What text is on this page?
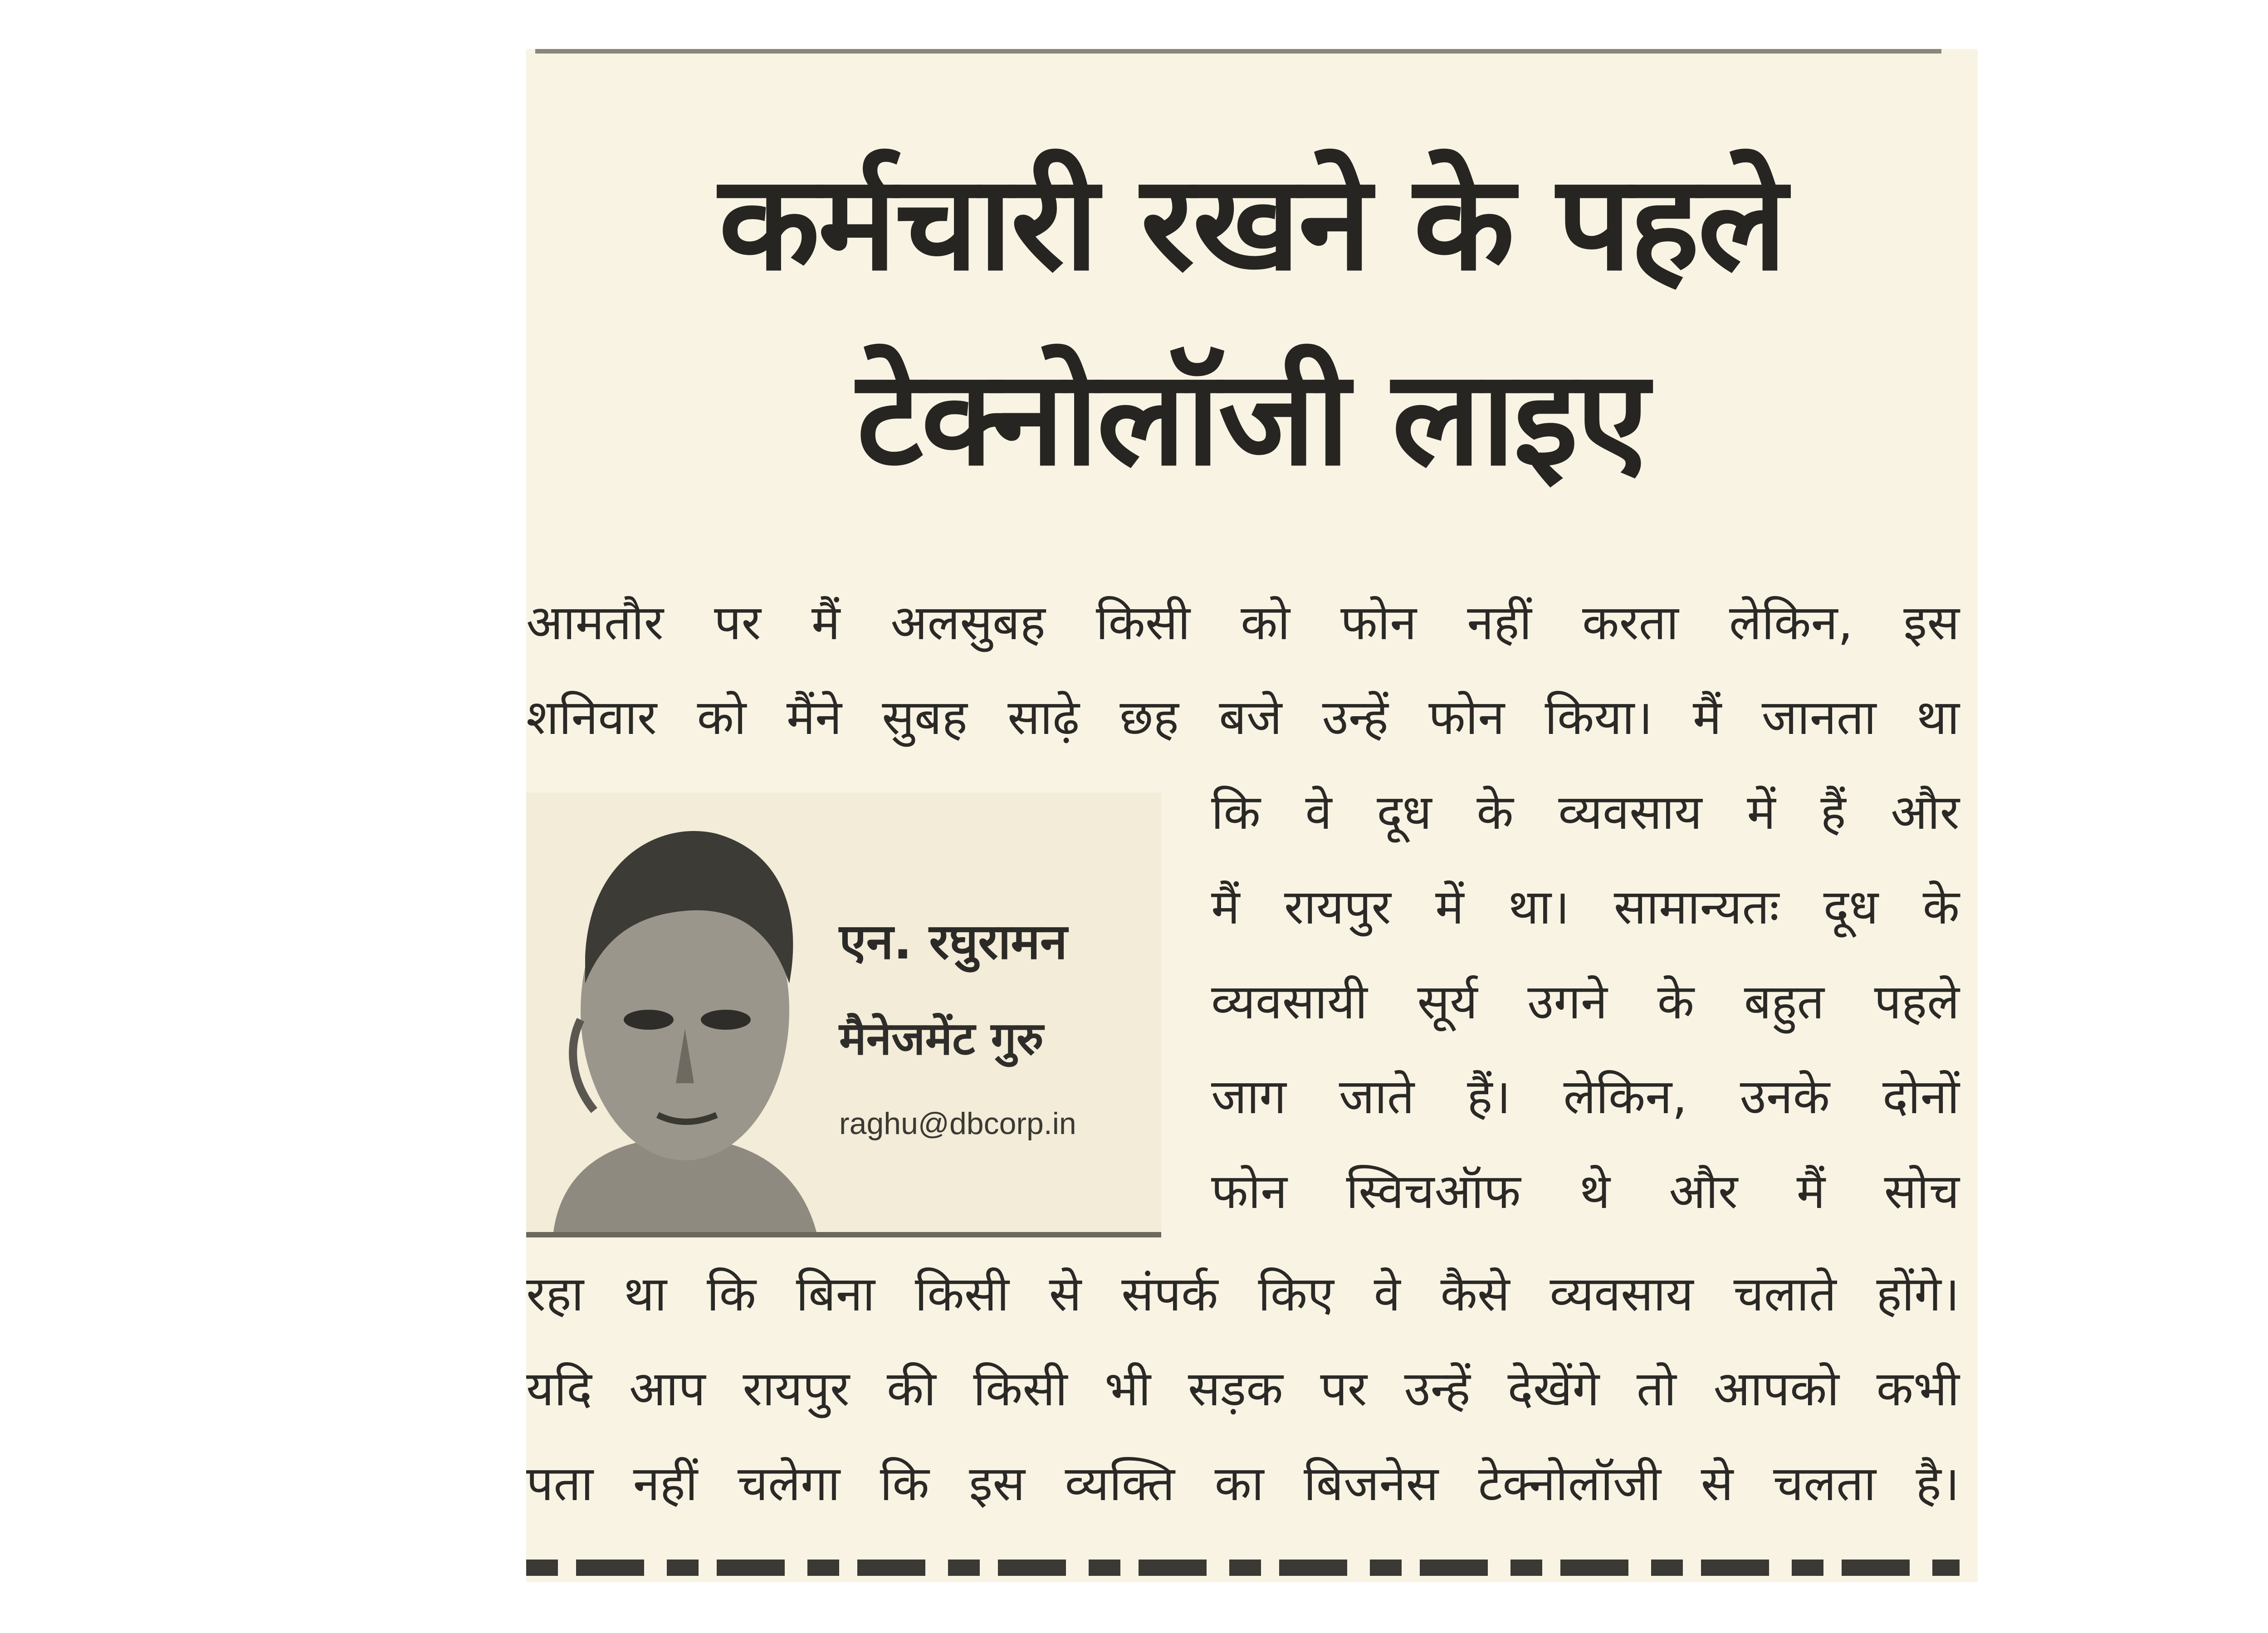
कर्मचारी रखने के पहले
टेक्नोलॉजी लाइए

आमतौर पर मैं अलसुबह किसी को फोन नहीं करता लेकिन, इस

शनिवार को मैंने सुबह साढ़े छह बजे उन्हें फोन किया। मैं जानता था

एन. रघुरामन
मैनेजमेंट गुरु
raghu@dbcorp.in

कि वे दूध के व्यवसाय में हैं और

मैं रायपुर में था। सामान्यतः दूध के

व्यवसायी सूर्य उगने के बहुत पहले

जाग जाते हैं। लेकिन, उनके दोनों

फोन स्विचऑफ थे और मैं सोच

रहा था कि बिना किसी से संपर्क किए वे कैसे व्यवसाय चलाते होंगे।

यदि आप रायपुर की किसी भी सड़क पर उन्हें देखेंगे तो आपको कभी

पता नहीं चलेगा कि इस व्यक्ति का बिजनेस टेक्नोलॉजी से चलता है।
